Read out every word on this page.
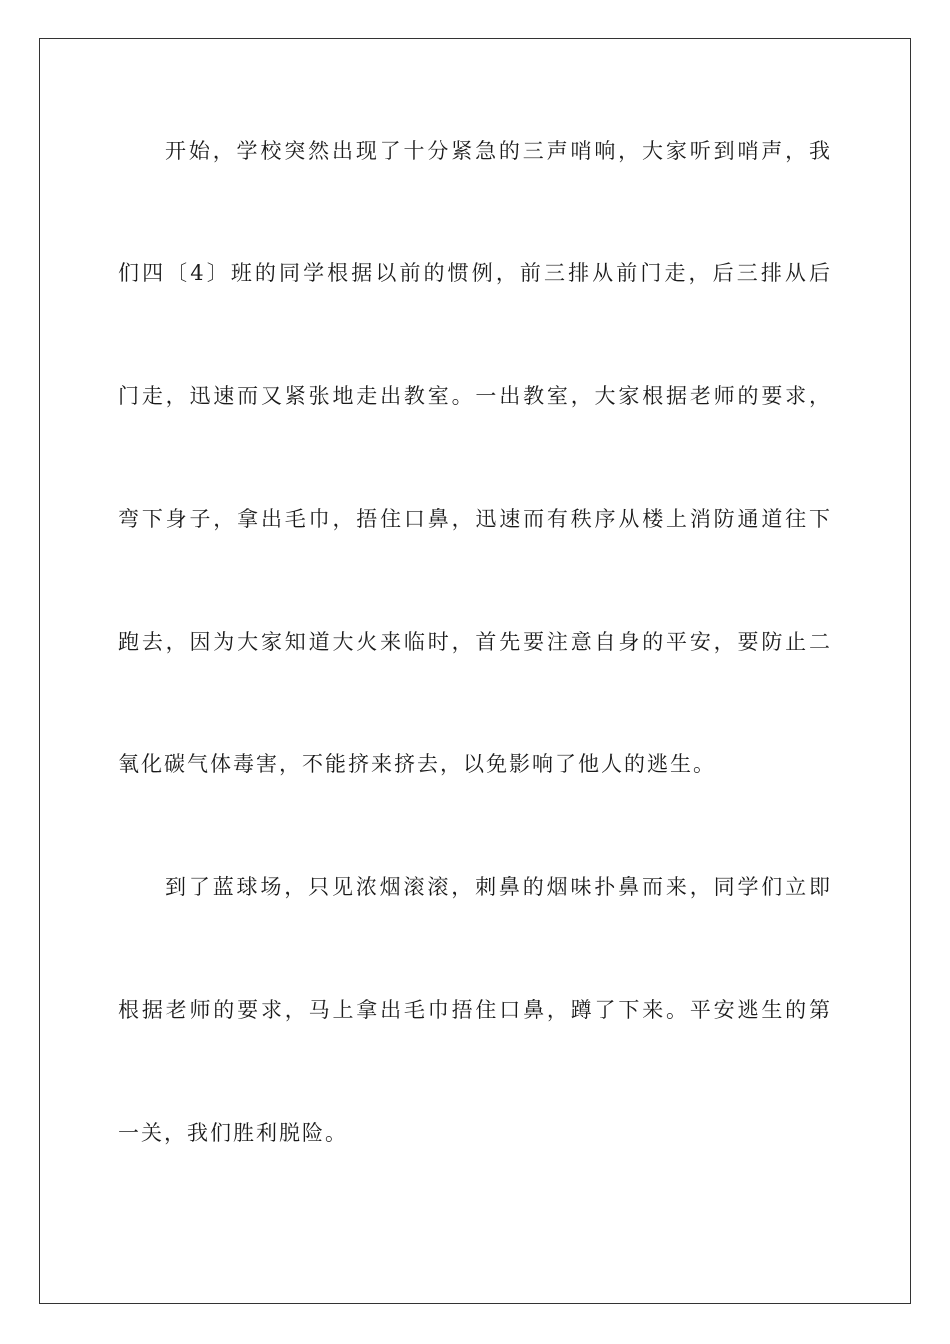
开始，学校突然出现了十分紧急的三声哨响，大家听到哨声，我
们四〔4〕班的同学根据以前的惯例，前三排从前门走，后三排从后
门走，迅速而又紧张地走出教室。一出教室，大家根据老师的要求，
弯下身子，拿出毛巾，捂住口鼻，迅速而有秩序从楼上消防通道往下
跑去，因为大家知道大火来临时，首先要注意自身的平安，要防止二
氧化碳气体毒害，不能挤来挤去，以免影响了他人的逃生。
到了蓝球场，只见浓烟滚滚，刺鼻的烟味扑鼻而来，同学们立即
根据老师的要求，马上拿出毛巾捂住口鼻，蹲了下来。平安逃生的第
一关，我们胜利脱险。
